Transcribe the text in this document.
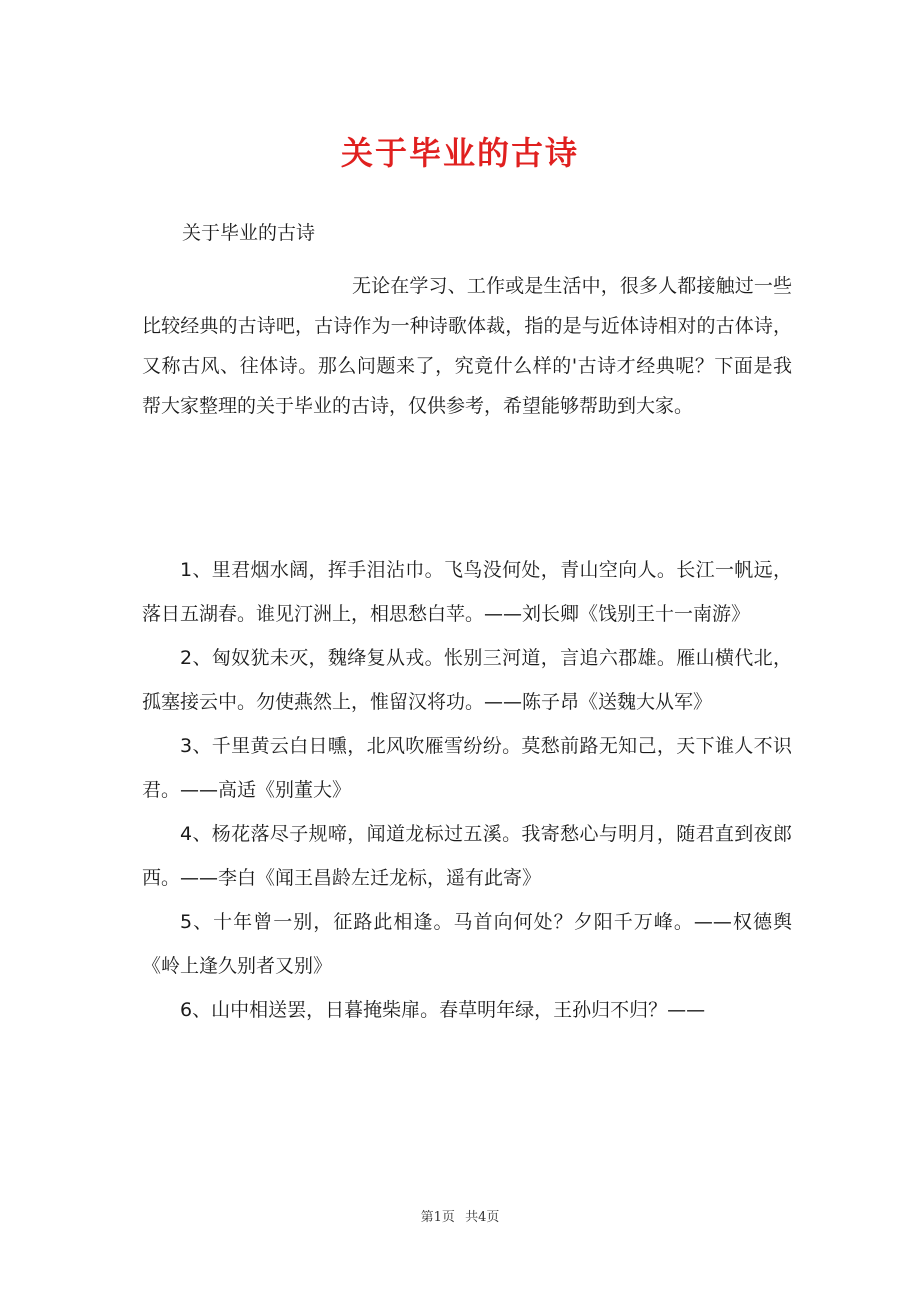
关于毕业的古诗
关于毕业的古诗

无论在学习、工作或是生活中，很多人都接触过一些比较经典的古诗吧，古诗作为一种诗歌体裁，指的是与近体诗相对的古体诗，又称古风、往体诗。那么问题来了，究竟什么样的'古诗才经典呢？下面是我帮大家整理的关于毕业的古诗，仅供参考，希望能够帮助到大家。

1、里君烟水阔，挥手泪沾巾。飞鸟没何处，青山空向人。长江一帆远，落日五湖春。谁见汀洲上，相思愁白苹。——刘长卿《饯别王十一南游》

2、匈奴犹未灭，魏绛复从戎。怅别三河道，言追六郡雄。雁山横代北，孤塞接云中。勿使燕然上，惟留汉将功。——陈子昂《送魏大从军》

3、千里黄云白日曛，北风吹雁雪纷纷。莫愁前路无知己，天下谁人不识君。——高适《别董大》

4、杨花落尽子规啼，闻道龙标过五溪。我寄愁心与明月，随君直到夜郎西。——李白《闻王昌龄左迁龙标，遥有此寄》

5、十年曾一别，征路此相逢。马首向何处？夕阳千万峰。——权德舆《岭上逢久别者又别》

6、山中相送罢，日暮掩柴扉。春草明年绿，王孙归不归？——

第1页 共4页
